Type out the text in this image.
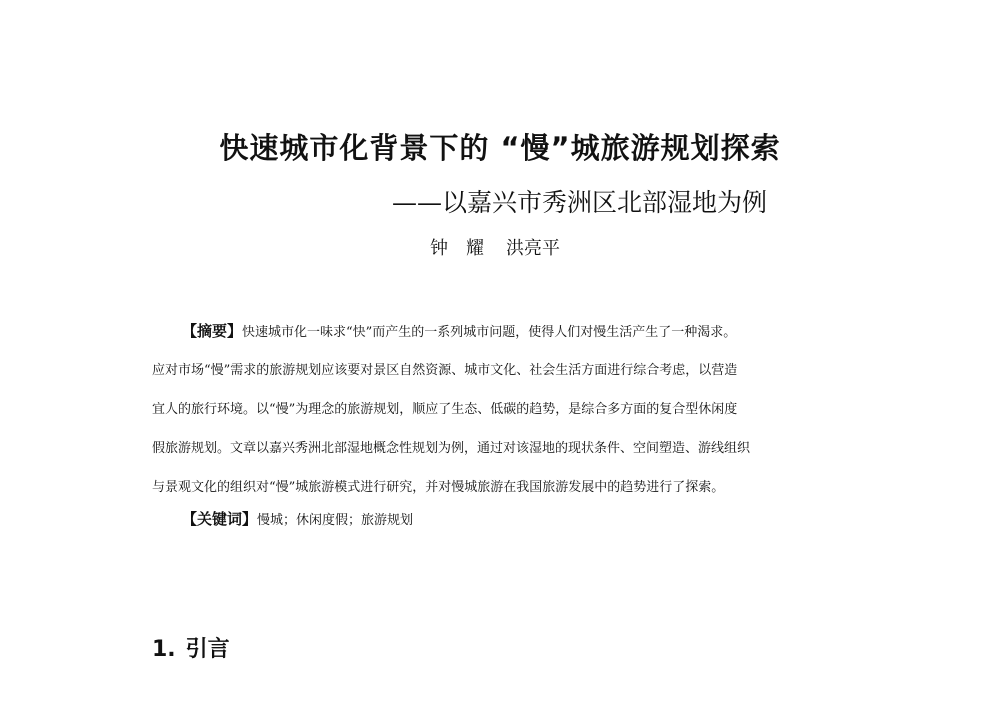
快速城市化背景下的 “慢”城旅游规划探索
——以嘉兴市秀洲区北部湿地为例
钟　耀 洪亮平
【摘要】快速城市化一味求“快”而产生的一系列城市问题，使得人们对慢生活产生了一种渴求。
应对市场“慢”需求的旅游规划应该要对景区自然资源、城市文化、社会生活方面进行综合考虑，以营造
宜人的旅行环境。以“慢”为理念的旅游规划，顺应了生态、低碳的趋势，是综合多方面的复合型休闲度
假旅游规划。文章以嘉兴秀洲北部湿地概念性规划为例，通过对该湿地的现状条件、空间塑造、游线组织
与景观文化的组织对“慢”城旅游模式进行研究，并对慢城旅游在我国旅游发展中的趋势进行了探索。
【关键词】慢城；休闲度假；旅游规划
1. 引言
